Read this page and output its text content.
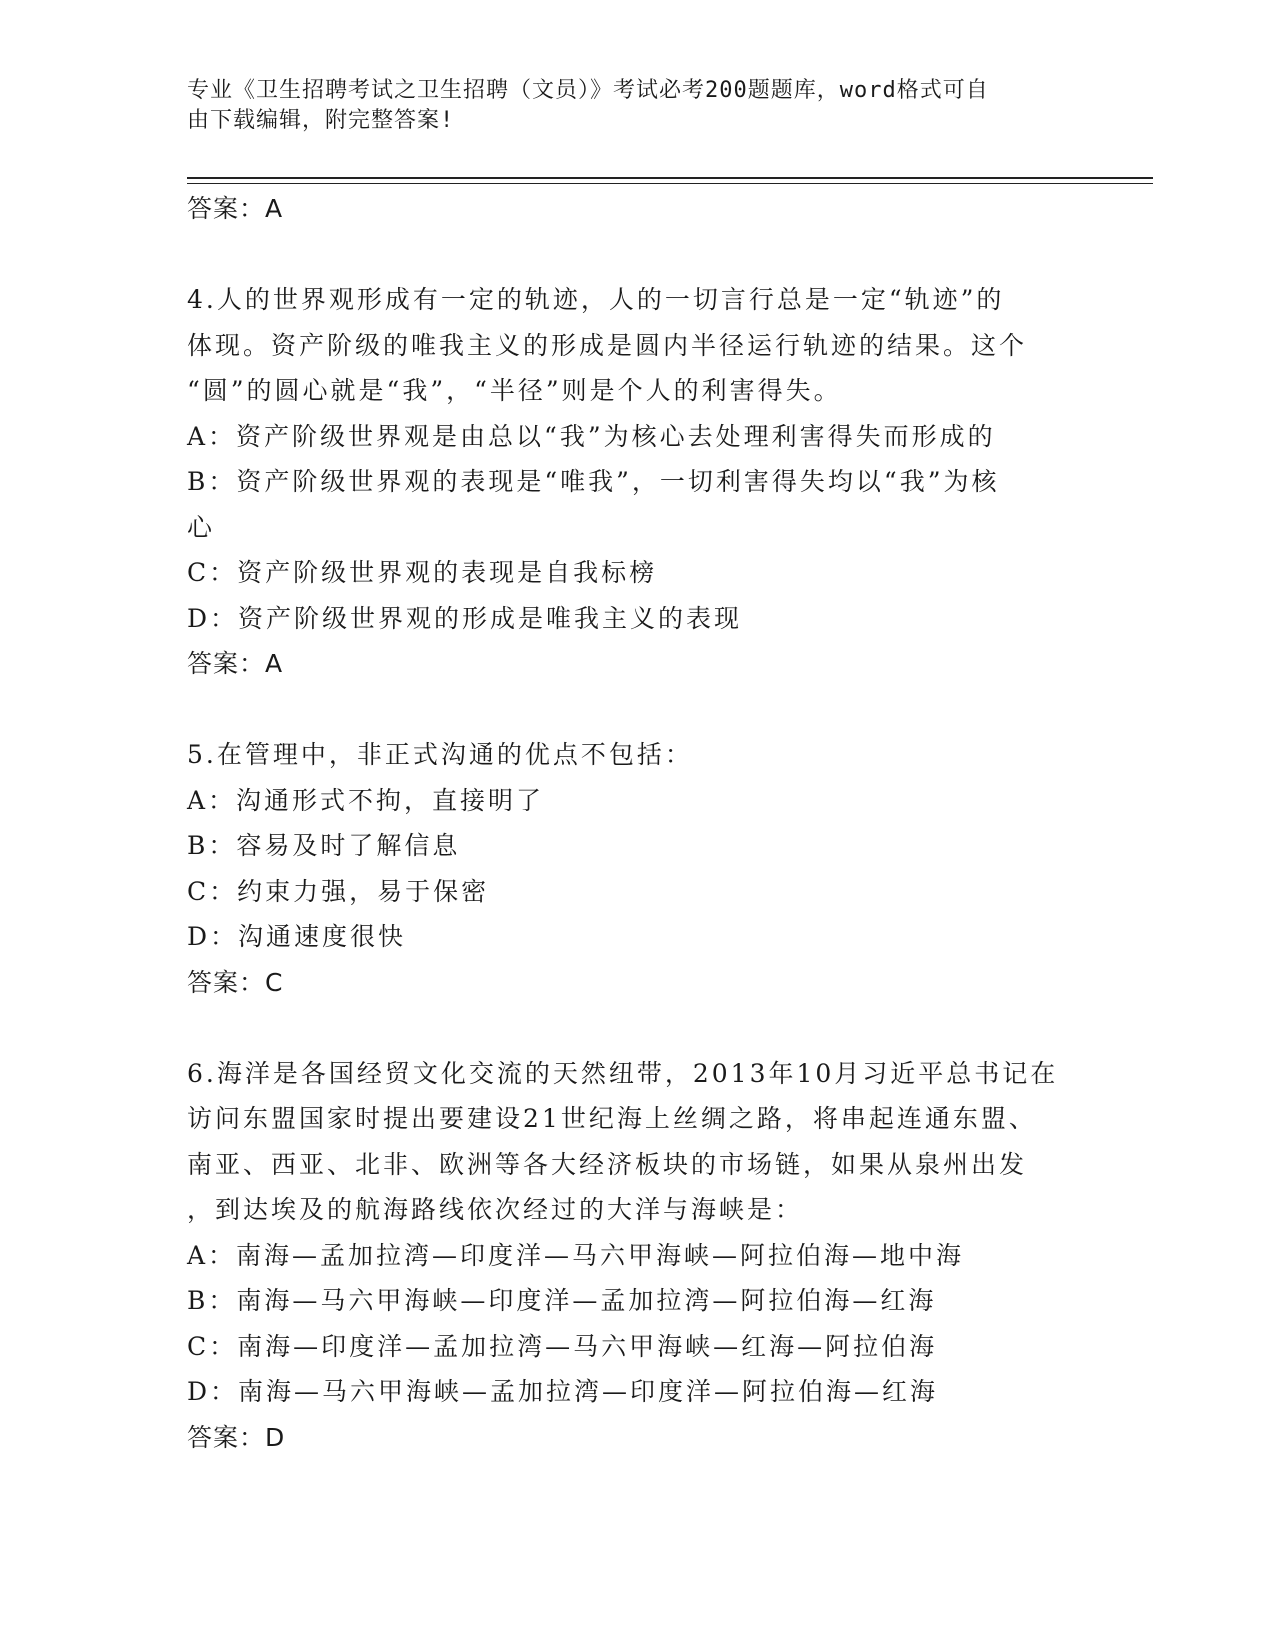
专业《卫生招聘考试之卫生招聘（文员）》考试必考200题题库，word格式可自
由下载编辑，附完整答案!
答案：A
4.人的世界观形成有一定的轨迹，人的一切言行总是一定“轨迹”的
体现。资产阶级的唯我主义的形成是圆内半径运行轨迹的结果。这个
“圆”的圆心就是“我”，“半径”则是个人的利害得失。
A：资产阶级世界观是由总以“我”为核心去处理利害得失而形成的
B：资产阶级世界观的表现是“唯我”，一切利害得失均以“我”为核
心
C：资产阶级世界观的表现是自我标榜
D：资产阶级世界观的形成是唯我主义的表现
答案：A
5.在管理中，非正式沟通的优点不包括：
A：沟通形式不拘，直接明了
B：容易及时了解信息
C：约束力强，易于保密
D：沟通速度很快
答案：C
6.海洋是各国经贸文化交流的天然纽带，2013年10月习近平总书记在
访问东盟国家时提出要建设21世纪海上丝绸之路，将串起连通东盟、
南亚、西亚、北非、欧洲等各大经济板块的市场链，如果从泉州出发
，到达埃及的航海路线依次经过的大洋与海峡是：
A：南海—孟加拉湾—印度洋—马六甲海峡—阿拉伯海—地中海
B：南海—马六甲海峡—印度洋—孟加拉湾—阿拉伯海—红海
C：南海—印度洋—孟加拉湾—马六甲海峡—红海—阿拉伯海
D：南海—马六甲海峡—孟加拉湾—印度洋—阿拉伯海—红海
答案：D
